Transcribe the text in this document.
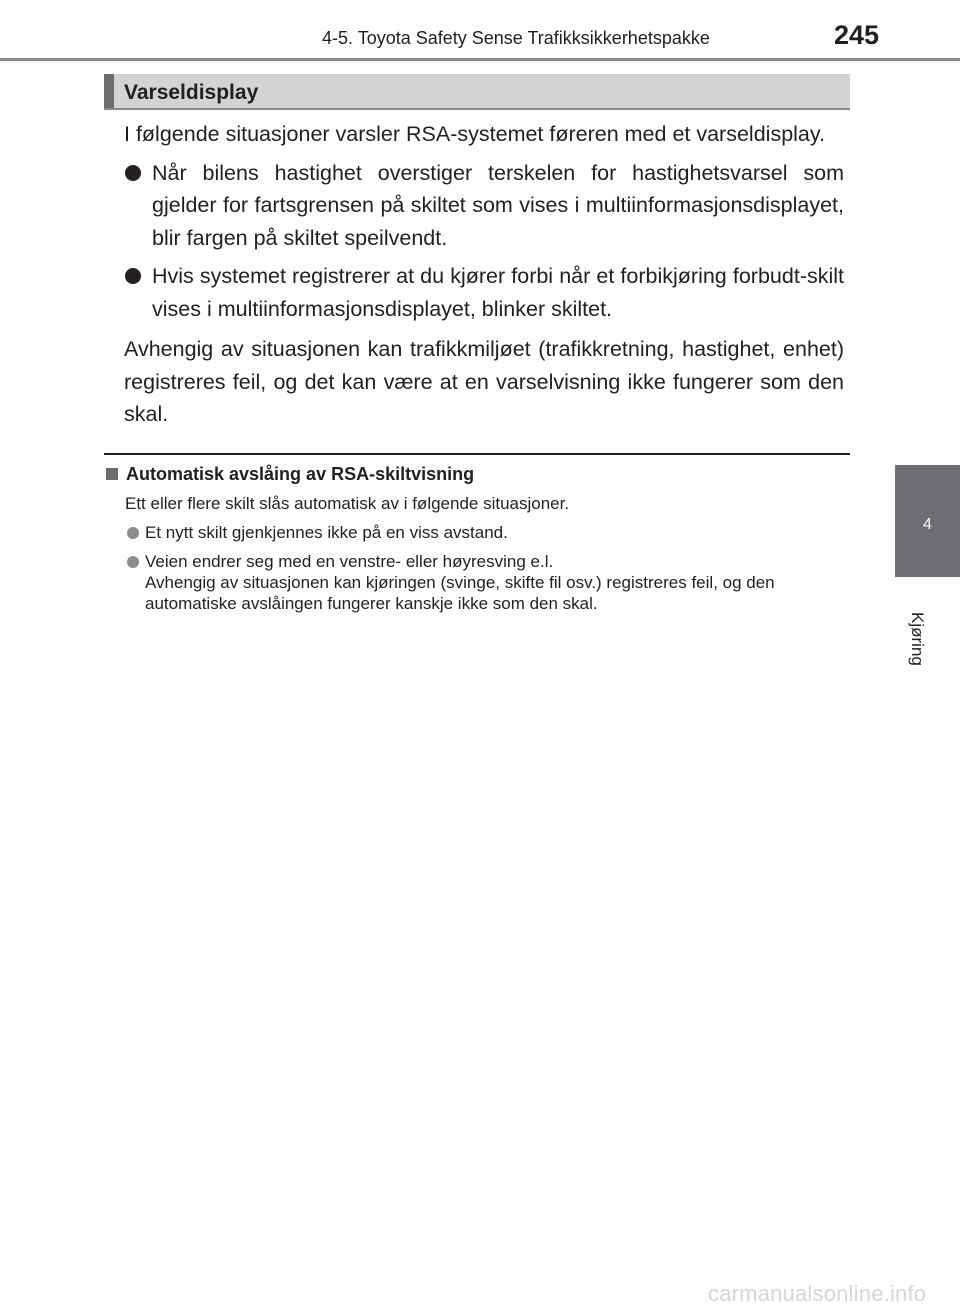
4-5. Toyota Safety Sense Trafikksikkerhetspakke	245
4
Kjøring
Varseldisplay

I følgende situasjoner varsler RSA-systemet føreren med et varseldisplay.

Når bilens hastighet overstiger terskelen for hastighetsvarsel som gjelder for fartsgrensen på skiltet som vises i multiinformasjonsdisplayet, blir fargen på skiltet speilvendt.
Hvis systemet registrerer at du kjører forbi når et forbikjøring forbudt-skilt vises i multiinformasjonsdisplayet, blinker skiltet.

Avhengig av situasjonen kan trafikkmiljøet (trafikkretning, hastighet, enhet) registreres feil, og det kan være at en varselvisning ikke fungerer som den skal.

Automatisk avslåing av RSA-skiltvisning

Ett eller flere skilt slås automatisk av i følgende situasjoner.

Et nytt skilt gjenkjennes ikke på en viss avstand.
Veien endrer seg med en venstre- eller høyresving e.l.
Avhengig av situasjonen kan kjøringen (svinge, skifte fil osv.) registreres feil, og den automatiske avslåingen fungerer kanskje ikke som den skal.
carmanualsonline.info
